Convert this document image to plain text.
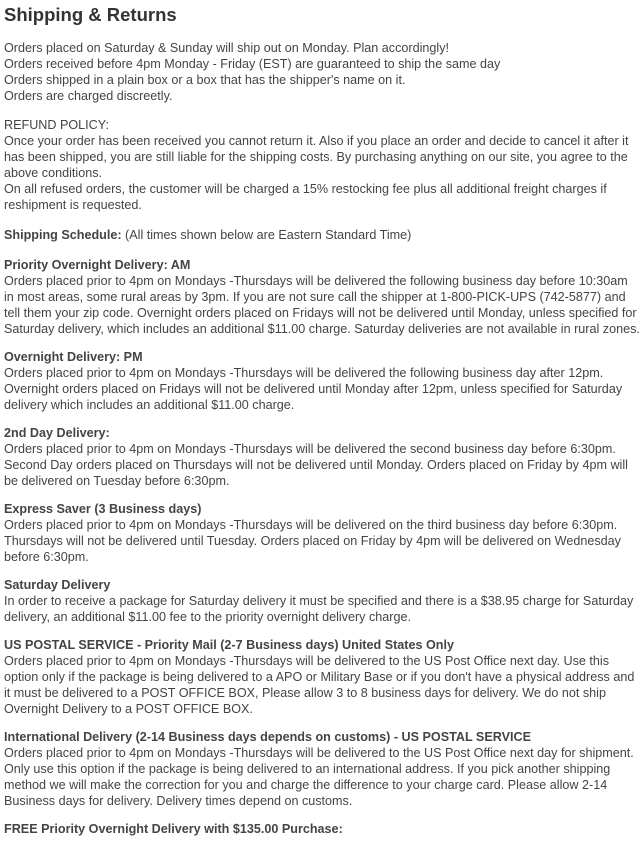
Shipping & Returns
Orders placed on Saturday & Sunday will ship out on Monday. Plan accordingly!
Orders received before 4pm Monday - Friday (EST) are guaranteed to ship the same day
Orders shipped in a plain box or a box that has the shipper's name on it.
Orders are charged discreetly.
REFUND POLICY:

Once your order has been received you cannot return it. Also if you place an order and decide to cancel it after it has been shipped, you are still liable for the shipping costs. By purchasing anything on our site, you agree to the above conditions.

On all refused orders, the customer will be charged a 15% restocking fee plus all additional freight charges if reshipment is requested.

Shipping Schedule: (All times shown below are Eastern Standard Time)
Priority Overnight Delivery: AM

Orders placed prior to 4pm on Mondays -Thursdays will be delivered the following business day before 10:30am in most areas, some rural areas by 3pm. If you are not sure call the shipper at 1-800-PICK-UPS (742-5877) and tell them your zip code. Overnight orders placed on Fridays will not be delivered until Monday, unless specified for Saturday delivery, which includes an additional $11.00 charge. Saturday deliveries are not available in rural zones.

Overnight Delivery: PM

Orders placed prior to 4pm on Mondays -Thursdays will be delivered the following business day after 12pm. Overnight orders placed on Fridays will not be delivered until Monday after 12pm, unless specified for Saturday delivery which includes an additional $11.00 charge.

2nd Day Delivery:

Orders placed prior to 4pm on Mondays -Thursdays will be delivered the second business day before 6:30pm. Second Day orders placed on Thursdays will not be delivered until Monday. Orders placed on Friday by 4pm will be delivered on Tuesday before 6:30pm.

Express Saver (3 Business days)

Orders placed prior to 4pm on Mondays -Thursdays will be delivered on the third business day before 6:30pm. Thursdays will not be delivered until Tuesday. Orders placed on Friday by 4pm will be delivered on Wednesday before 6:30pm.

Saturday Delivery

In order to receive a package for Saturday delivery it must be specified and there is a $38.95 charge for Saturday delivery, an additional $11.00 fee to the priority overnight delivery charge.

US POSTAL SERVICE - Priority Mail (2-7 Business days) United States Only

Orders placed prior to 4pm on Mondays -Thursdays will be delivered to the US Post Office next day. Use this option only if the package is being delivered to a APO or Military Base or if you don't have a physical address and it must be delivered to a POST OFFICE BOX, Please allow 3 to 8 business days for delivery. We do not ship Overnight Delivery to a POST OFFICE BOX.

International Delivery (2-14 Business days depends on customs) - US POSTAL SERVICE

Orders placed prior to 4pm on Mondays -Thursdays will be delivered to the US Post Office next day for shipment. Only use this option if the package is being delivered to an international address. If you pick another shipping method we will make the correction for you and charge the difference to your charge card. Please allow 2-14 Business days for delivery. Delivery times depend on customs.

FREE Priority Overnight Delivery with $135.00 Purchase:
